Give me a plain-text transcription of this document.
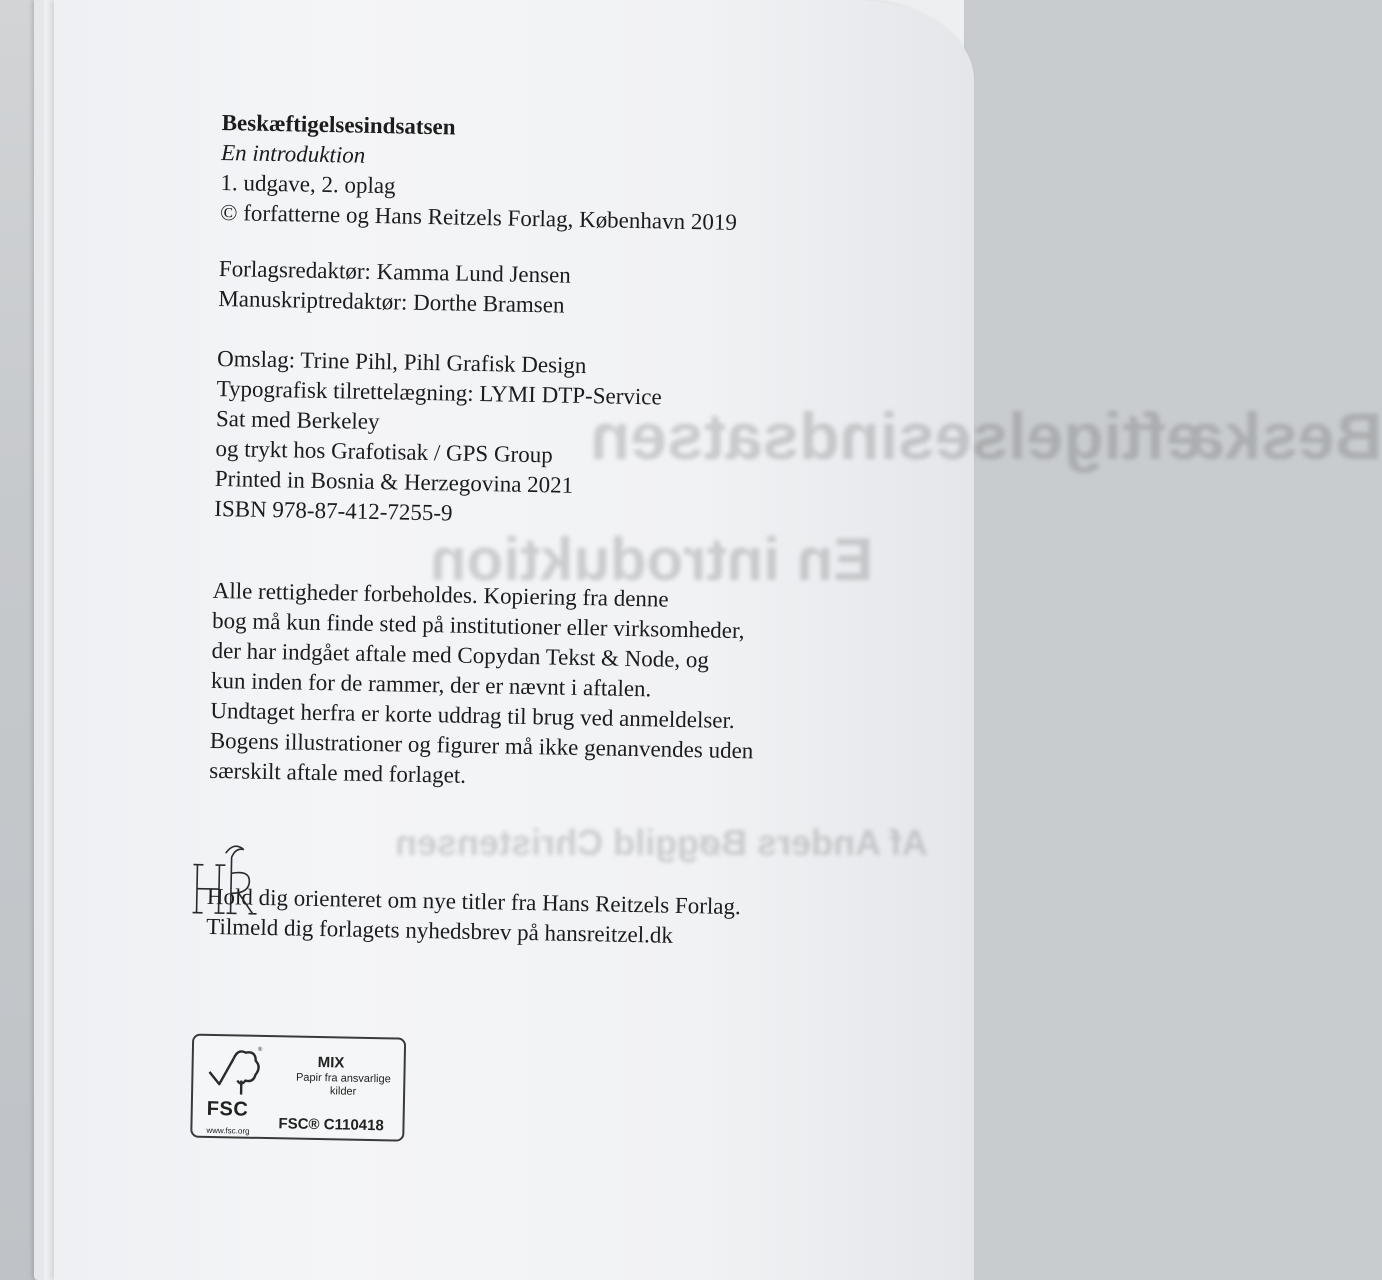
Beskæftigelsesindsatsen
En introduktion
Af Anders Bøggild Christensen
Beskæftigelsesindsatsen
En introduktion
1. udgave, 2. oplag
© forfatterne og Hans Reitzels Forlag, København 2019
Forlagsredaktør: Kamma Lund Jensen
Manuskriptredaktør: Dorthe Bramsen
Omslag: Trine Pihl, Pihl Grafisk Design
Typografisk tilrettelægning: LYMI DTP-Service
Sat med Berkeley
og trykt hos Grafotisak / GPS Group
Printed in Bosnia & Herzegovina 2021
ISBN 978-87-412-7255-9
Alle rettigheder forbeholdes. Kopiering fra denne
bog må kun finde sted på institutioner eller virksomheder,
der har indgået aftale med Copydan Tekst & Node, og
kun inden for de rammer, der er nævnt i aftalen.
Undtaget herfra er korte uddrag til brug ved anmeldelser.
Bogens illustrationer og figurer må ikke genanvendes uden
særskilt aftale med forlaget.
Hold dig orienteret om nye titler fra Hans Reitzels Forlag.
Tilmeld dig forlagets nyhedsbrev på hansreitzel.dk
®
FSC
www.fsc.org
MIX
Papir fra ansvarlige kilder
FSC® C110418
